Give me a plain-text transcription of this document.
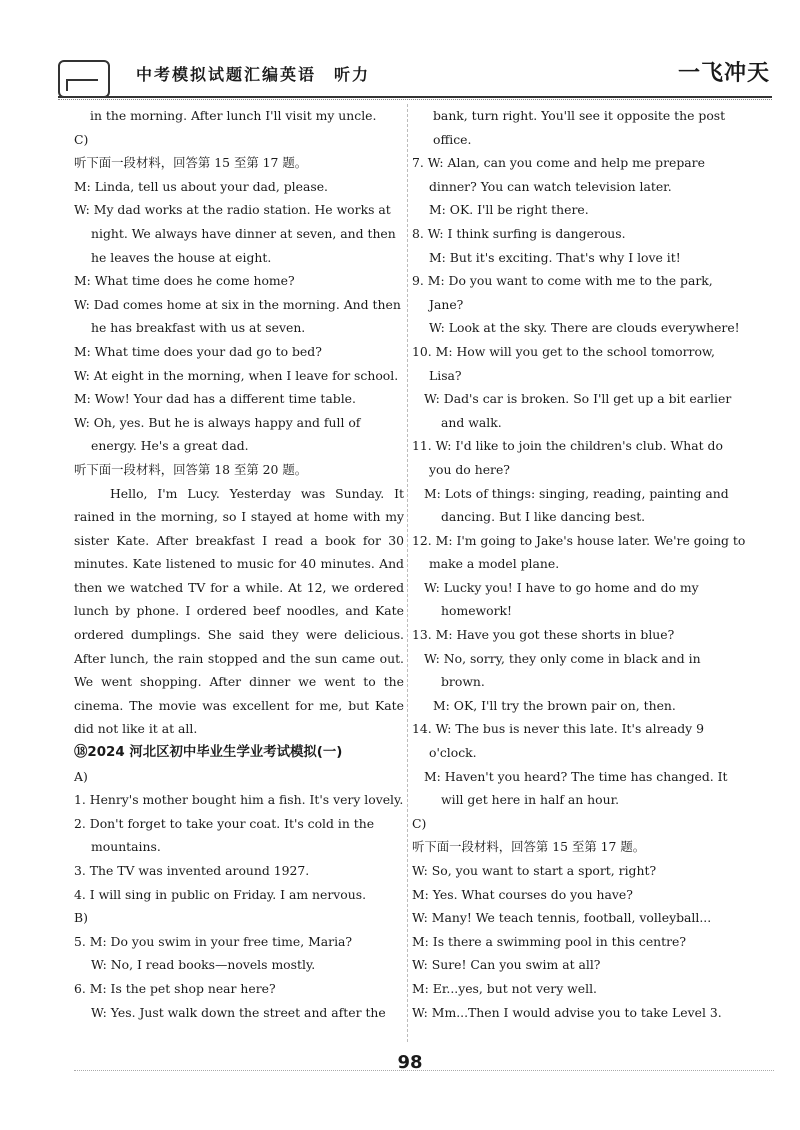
中考模拟试题汇编英语　听力	一飞冲天

in the morning. After lunch I'll visit my uncle.

C)

听下面一段材料，回答第 15 至第 17 题。

M: Linda, tell us about your dad, please.

W: My dad works at the radio station. He works at night. We always have dinner at seven, and then he leaves the house at eight.

M: What time does he come home?

W: Dad comes home at six in the morning. And then he has breakfast with us at seven.

M: What time does your dad go to bed?

W: At eight in the morning, when I leave for school.

M: Wow! Your dad has a different time table.

W: Oh, yes. But he is always happy and full of energy. He's a great dad.

听下面一段材料，回答第 18 至第 20 题。

Hello, I'm Lucy. Yesterday was Sunday. It rained in the morning, so I stayed at home with my sister Kate. After breakfast I read a book for 30 minutes. Kate listened to music for 40 minutes. And then we watched TV for a while. At 12, we ordered lunch by phone. I ordered beef noodles, and Kate ordered dumplings. She said they were delicious. After lunch, the rain stopped and the sun came out. We went shopping. After dinner we went to the cinema. The movie was excellent for me, but Kate did not like it at all.

⑱2024 河北区初中毕业生学业考试模拟(一)

A)

1. Henry's mother bought him a fish. It's very lovely.

2. Don't forget to take your coat. It's cold in the mountains.

3. The TV was invented around 1927.

4. I will sing in public on Friday. I am nervous.

B)

5. M: Do you swim in your free time, Maria?

W: No, I read books—novels mostly.

6. M: Is the pet shop near here?

W: Yes. Just walk down the street and after the

bank, turn right. You'll see it opposite the post office.

7. W: Alan, can you come and help me prepare dinner? You can watch television later.

M: OK. I'll be right there.

8. W: I think surfing is dangerous.

M: But it's exciting. That's why I love it!

9. M: Do you want to come with me to the park, Jane?

W: Look at the sky. There are clouds everywhere!

10. M: How will you get to the school tomorrow, Lisa?

W: Dad's car is broken. So I'll get up a bit earlier and walk.

11. W: I'd like to join the children's club. What do you do here?

M: Lots of things: singing, reading, painting and dancing. But I like dancing best.

12. M: I'm going to Jake's house later. We're going to make a model plane.

W: Lucky you! I have to go home and do my homework!

13. M: Have you got these shorts in blue?

W: No, sorry, they only come in black and in brown.

M: OK, I'll try the brown pair on, then.

14. W: The bus is never this late. It's already 9 o'clock.

M: Haven't you heard? The time has changed. It will get here in half an hour.

C)

听下面一段材料，回答第 15 至第 17 题。

W: So, you want to start a sport, right?

M: Yes. What courses do you have?

W: Many! We teach tennis, football, volleyball...

M: Is there a swimming pool in this centre?

W: Sure! Can you swim at all?

M: Er...yes, but not very well.

W: Mm...Then I would advise you to take Level 3.

98
